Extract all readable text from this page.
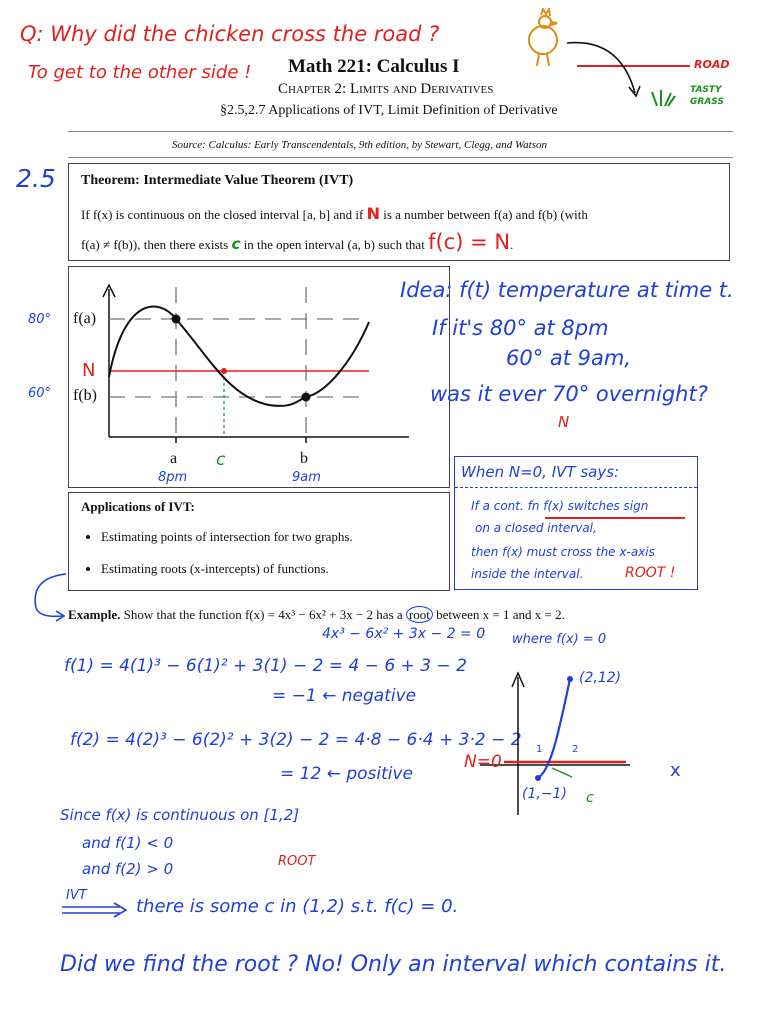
Q: Why did the chicken cross the road ?
To get to the other side !	ROAD
TASTY
GRASS
Math 221: Calculus I
Chapter 2: Limits and Derivatives
§2.5,2.7 Applications of IVT, Limit Definition of Derivative
Source: Calculus: Early Transcendentals, 9th edition, by Stewart, Clegg, and Watson
2.5 Theorem: Intermediate Value Theorem (IVT)
If f(x) is continuous on the closed interval [a, b] and if N is a number between f(a) and f(b) (with
f(a) ≠ f(b)), then there exists c in the open interval (a, b) such that f(c) = N.
f(a)
N
f(b)
a c	b
80°
60°
8pm	9am
Idea: f(t) temperature at time t.
If it's 80° at 8pm
60° at 9am,
was it ever 70° overnight?
N
When N=0, IVT says:
If a cont. fn f(x) switches sign
on a closed interval,
then f(x) must cross the x-axis
inside the interval.	ROOT !
Applications of IVT:
• Estimating points of intersection for two graphs.
• Estimating roots (x-intercepts) of functions.
Example. Show that the function f(x) = 4x³ − 6x² + 3x − 2 has a root between x = 1 and x = 2.
4x³ − 6x² + 3x − 2 = 0 where f(x) = 0
f(1) = 4(1)³ − 6(1)² + 3(1) − 2 = 4 − 6 + 3 − 2
= −1 ← negative
f(2) = 4(2)³ − 6(2)² + 3(2) − 2 = 4·8 − 6·4 + 3·2 − 2
= 12 ← positive
Since f(x) is continuous on [1,2]
and f(1) < 0
and f(2) > 0	ROOT
IVT
there is some c in (1,2) s.t. f(c) = 0.
Did we find the root ? No! Only an interval which contains it.
(2,12)
(1,−1)
N=0	x
1	2
c
